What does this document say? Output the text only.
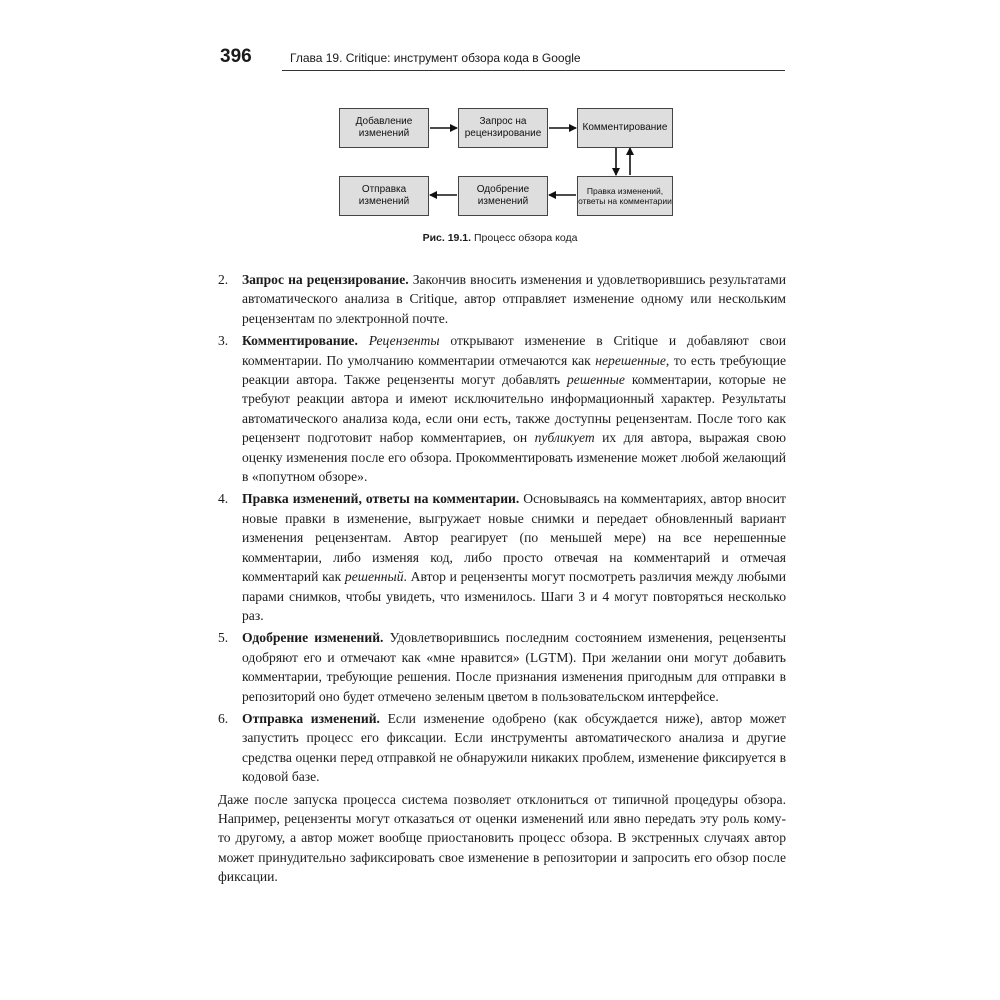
396	Глава 19. Critique: инструмент обзора кода в Google
Добавление изменений
Запрос на рецензирование
Комментирование
Правка изменений, ответы на комментарии
Одобрение изменений
Отправка изменений
Рис. 19.1. Процесс обзора кода
2. Запрос на рецензирование. Закончив вносить изменения и удовлетворившись результатами автоматического анализа в Critique, автор отправляет изменение одному или нескольким рецензентам по электронной почте.
3. Комментирование. Рецензенты открывают изменение в Critique и добавляют свои комментарии. По умолчанию комментарии отмечаются как нерешенные, то есть требующие реакции автора. Также рецензенты могут добавлять решенные комментарии, которые не требуют реакции автора и имеют исключительно информационный характер. Результаты автоматического анализа кода, если они есть, также доступны рецензентам. После того как рецензент подготовит набор комментариев, он публикует их для автора, выражая свою оценку изменения после его обзора. Прокомментировать изменение может любой желающий в «попутном обзоре».
4. Правка изменений, ответы на комментарии. Основываясь на комментариях, автор вносит новые правки в изменение, выгружает новые снимки и передает обновленный вариант изменения рецензентам. Автор реагирует (по меньшей мере) на все нерешенные комментарии, либо изменяя код, либо просто отвечая на комментарий и отмечая комментарий как решенный. Автор и рецензенты могут посмотреть различия между любыми парами снимков, чтобы увидеть, что изменилось. Шаги 3 и 4 могут повторяться несколько раз.
5. Одобрение изменений. Удовлетворившись последним состоянием изменения, рецензенты одобряют его и отмечают как «мне нравится» (LGTM). При желании они могут добавить комментарии, требующие решения. После признания изменения пригодным для отправки в репозиторий оно будет отмечено зеленым цветом в пользовательском интерфейсе.
6. Отправка изменений. Если изменение одобрено (как обсуждается ниже), автор может запустить процесс его фиксации. Если инструменты автоматического анализа и другие средства оценки перед отправкой не обнаружили никаких проблем, изменение фиксируется в кодовой базе.

Даже после запуска процесса система позволяет отклониться от типичной процедуры обзора. Например, рецензенты могут отказаться от оценки изменений или явно передать эту роль кому-то другому, а автор может вообще приостановить процесс обзора. В экстренных случаях автор может принудительно зафиксировать свое изменение в репозитории и запросить его обзор после фиксации.
